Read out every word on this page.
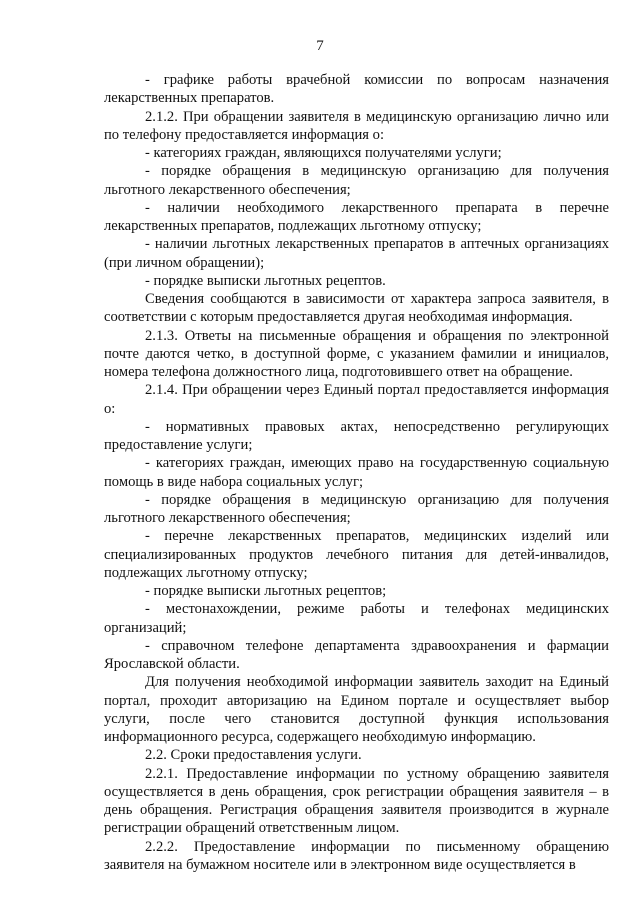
7

- графике работы врачебной комиссии по вопросам назначения лекарственных препаратов.

2.1.2. При обращении заявителя в медицинскую организацию лично или по телефону предоставляется информация о:

- категориях граждан, являющихся получателями услуги;

- порядке обращения в медицинскую организацию для получения льготного лекарственного обеспечения;

- наличии необходимого лекарственного препарата в перечне лекарственных препаратов, подлежащих льготному отпуску;

- наличии льготных лекарственных препаратов в аптечных организациях (при личном обращении);

- порядке выписки льготных рецептов.

Сведения сообщаются в зависимости от характера запроса заявителя, в соответствии с которым предоставляется другая необходимая информация.

2.1.3. Ответы на письменные обращения и обращения по электронной почте даются четко, в доступной форме, с указанием фамилии и инициалов, номера телефона должностного лица, подготовившего ответ на обращение.

2.1.4. При обращении через Единый портал предоставляется информация о:

- нормативных правовых актах, непосредственно регулирующих предоставление услуги;

- категориях граждан, имеющих право на государственную социальную помощь в виде набора социальных услуг;

- порядке обращения в медицинскую организацию для получения льготного лекарственного обеспечения;

- перечне лекарственных препаратов, медицинских изделий или специализированных продуктов лечебного питания для детей-инвалидов, подлежащих льготному отпуску;

- порядке выписки льготных рецептов;

- местонахождении, режиме работы и телефонах медицинских организаций;

- справочном телефоне департамента здравоохранения и фармации Ярославской области.

Для получения необходимой информации заявитель заходит на Единый портал, проходит авторизацию на Едином портале и осуществляет выбор услуги, после чего становится доступной функция использования информационного ресурса, содержащего необходимую информацию.

2.2. Сроки предоставления услуги.

2.2.1. Предоставление информации по устному обращению заявителя осуществляется в день обращения, срок регистрации обращения заявителя – в день обращения. Регистрация обращения заявителя производится в журнале регистрации обращений ответственным лицом.

2.2.2. Предоставление информации по письменному обращению заявителя на бумажном носителе или в электронном виде осуществляется в
